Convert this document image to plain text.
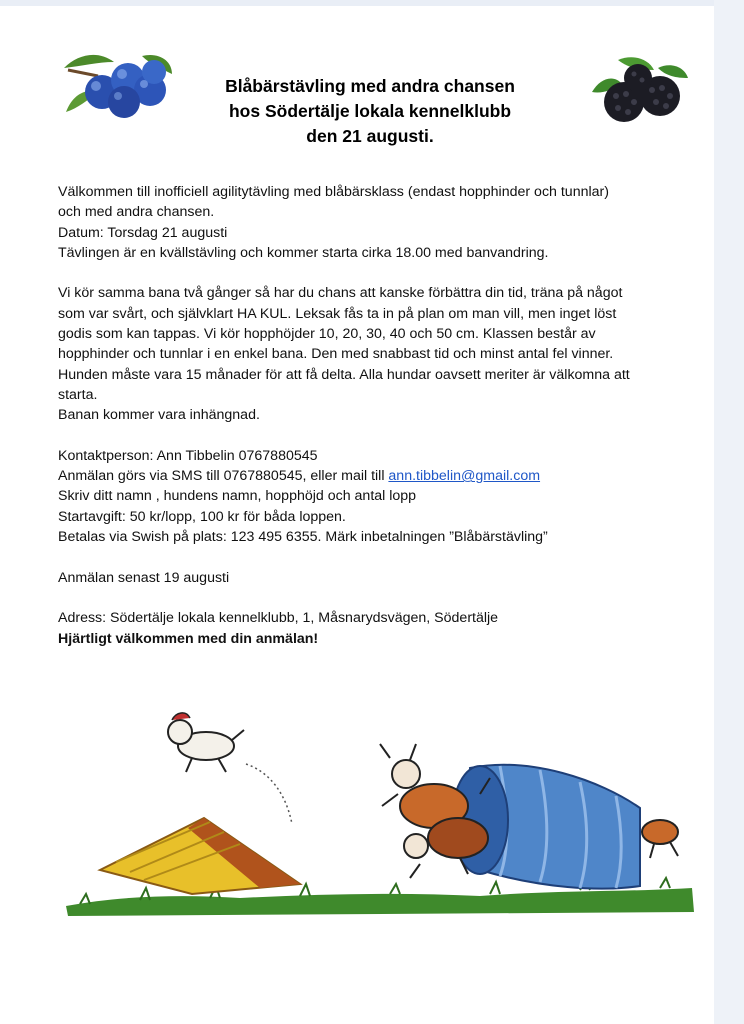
Blåbärstävling med andra chansen
hos Södertälje lokala kennelklubb
den 21 augusti.
Välkommen till inofficiell agilitytävling med blåbärsklass (endast hopphinder och tunnlar)
och med andra chansen.
Datum: Torsdag 21 augusti
Tävlingen är en kvällstävling och kommer starta cirka 18.00 med banvandring.
Vi kör samma bana två gånger så har du chans att kanske förbättra din tid, träna på något
som var svårt, och självklart HA KUL. Leksak fås ta in på plan om man vill, men inget löst
godis som kan tappas. Vi kör hopphöjder 10, 20, 30, 40 och 50 cm. Klassen består av
hopphinder och tunnlar i en enkel bana. Den med snabbast tid och minst antal fel vinner.
Hunden måste vara 15 månader för att få delta. Alla hundar oavsett meriter är välkomna att
starta.
Banan kommer vara inhängnad.
Kontaktperson: Ann Tibbelin 0767880545
Anmälan görs via SMS till 0767880545, eller mail till ann.tibbelin@gmail.com
Skriv ditt namn , hundens namn, hopphöjd och antal lopp
Startavgift: 50 kr/lopp, 100 kr för båda loppen.
Betalas via Swish på plats: 123 495 6355. Märk inbetalningen ”Blåbärstävling”
Anmälan senast 19 augusti
Adress: Södertälje lokala kennelklubb, 1, Måsnarydsvägen, Södertälje
Hjärtligt välkommen med din anmälan!
